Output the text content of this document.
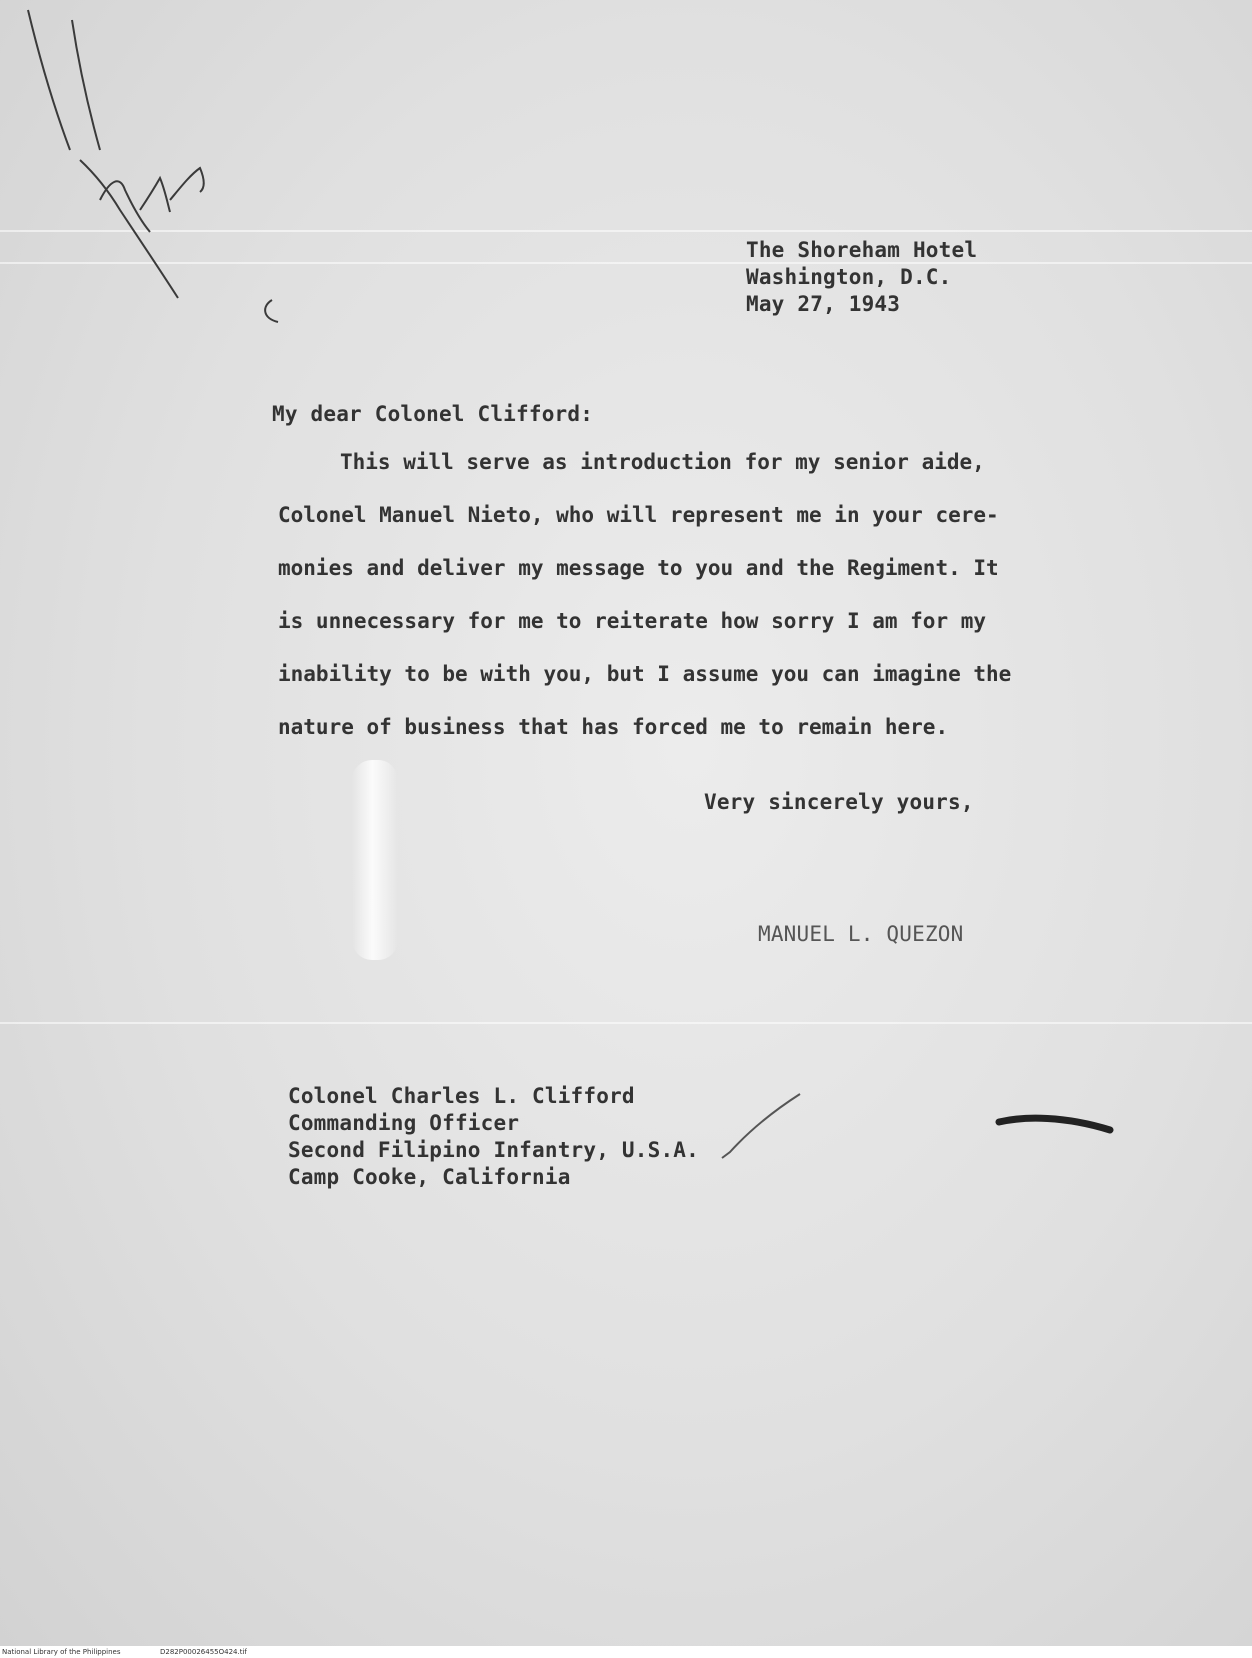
The Shoreham Hotel
Washington, D.C.
May 27, 1943
My dear Colonel Clifford:
This will serve as introduction for my senior aide,
Colonel Manuel Nieto, who will represent me in your cere-
monies and deliver my message to you and the Regiment. It
is unnecessary for me to reiterate how sorry I am for my
inability to be with you, but I assume you can imagine the
nature of business that has forced me to remain here.
Very sincerely yours,
MANUEL L. QUEZON
Colonel Charles L. Clifford
Commanding Officer
Second Filipino Infantry, U.S.A.
Camp Cooke, California
National Library of the Philippines	D282P00026455O424.tif
